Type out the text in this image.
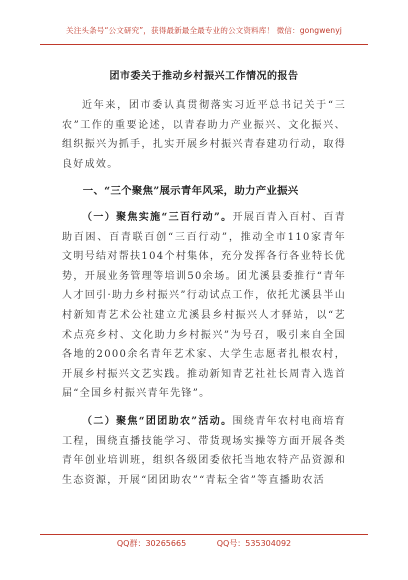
关注头条号“公文研究”，获得最新最全最专业的公文资料库！ 微信：gongwenyj
团市委关于推动乡村振兴工作情况的报告

近年来，团市委认真贯彻落实习近平总书记关于“三农”工作的重要论述，以青春助力产业振兴、文化振兴、组织振兴为抓手，扎实开展乡村振兴青春建功行动，取得良好成效。

一、“三个聚焦”展示青年风采，助力产业振兴

（一）聚焦实施“三百行动”。开展百青入百村、百青助百困、百青联百创“三百行动”，推动全市110家青年文明号结对帮扶104个村集体，充分发挥各行各业特长优势，开展业务管理等培训50余场。团尤溪县委推行“青年人才回引·助力乡村振兴”行动试点工作，依托尤溪县半山村新知青艺术公社建立尤溪县乡村振兴人才驿站，以“艺术点亮乡村、文化助力乡村振兴”为号召，吸引来自全国各地的2000余名青年艺术家、大学生志愿者扎根农村，开展乡村振兴文艺实践。推动新知青艺社社长周青入选首届“全国乡村振兴青年先锋”。

（二）聚焦“团团助农”活动。围绕青年农村电商培育工程，围绕直播技能学习、带货现场实操等方面开展各类青年创业培训班，组织各级团委依托当地农特产品资源和生态资源，开展“团团助农”“青耘全省”等直播助农活

QQ群：30265665	QQ号：535304092
